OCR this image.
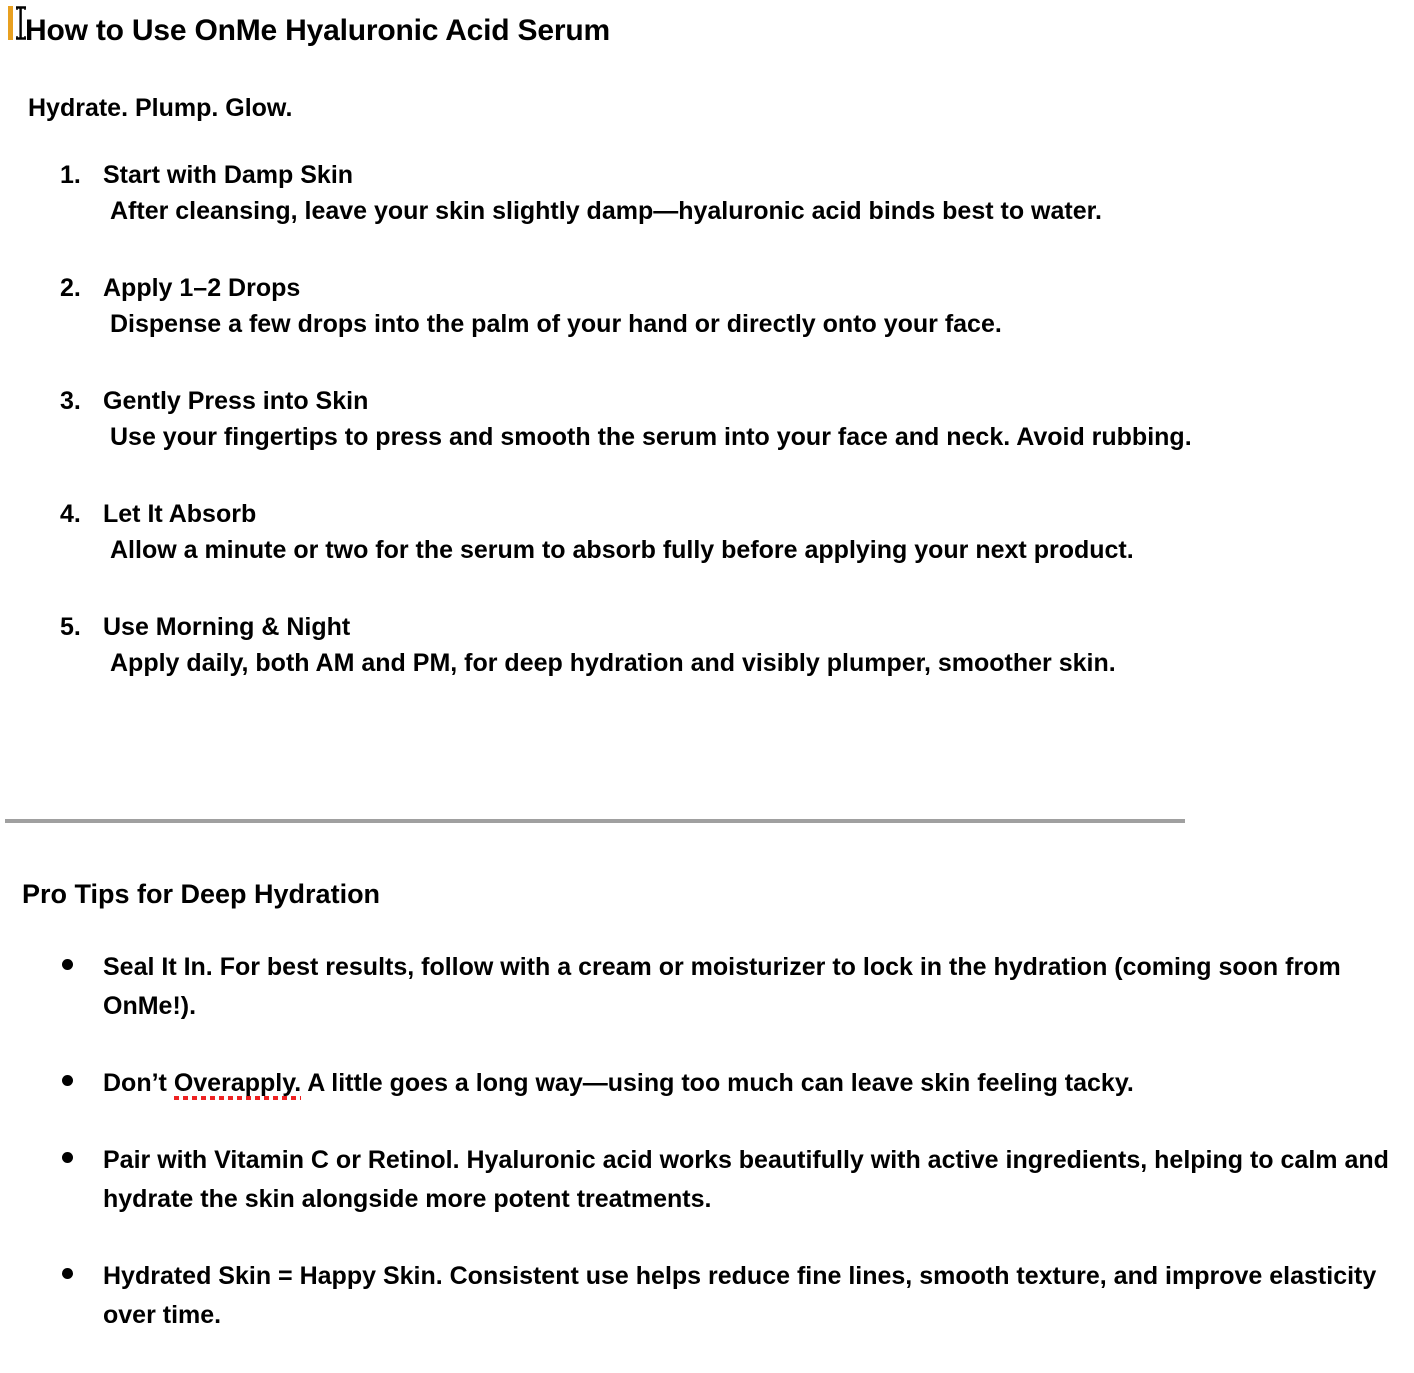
How to Use OnMe Hyaluronic Acid Serum
Hydrate. Plump. Glow.
1. Start with Damp Skin
After cleansing, leave your skin slightly damp—hyaluronic acid binds best to water.
2. Apply 1–2 Drops
Dispense a few drops into the palm of your hand or directly onto your face.
3. Gently Press into Skin
Use your fingertips to press and smooth the serum into your face and neck. Avoid rubbing.
4. Let It Absorb
Allow a minute or two for the serum to absorb fully before applying your next product.
5. Use Morning & Night
Apply daily, both AM and PM, for deep hydration and visibly plumper, smoother skin.
Pro Tips for Deep Hydration
Seal It In. For best results, follow with a cream or moisturizer to lock in the hydration (coming soon from OnMe!).
Don’t Overapply. A little goes a long way—using too much can leave skin feeling tacky.
Pair with Vitamin C or Retinol. Hyaluronic acid works beautifully with active ingredients, helping to calm and hydrate the skin alongside more potent treatments.
Hydrated Skin = Happy Skin. Consistent use helps reduce fine lines, smooth texture, and improve elasticity over time.
